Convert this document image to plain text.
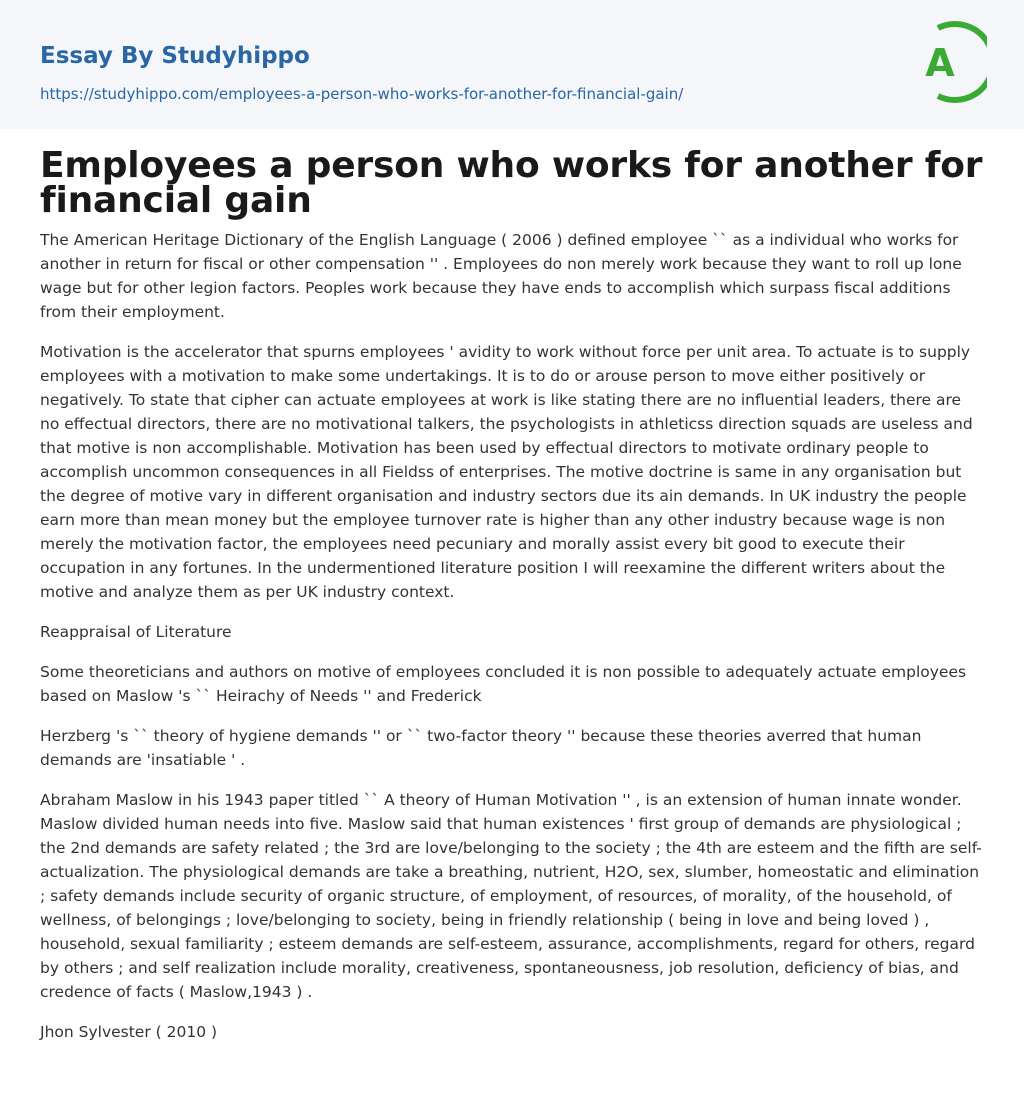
Essay By Studyhippo
https://studyhippo.com/employees-a-person-who-works-for-another-for-financial-gain/
A
Employees a person who works for another for financial gain

The American Heritage Dictionary of the English Language ( 2006 ) defined employee `` as a individual who works for another in return for fiscal or other compensation '' . Employees do non merely work because they want to roll up lone wage but for other legion factors. Peoples work because they have ends to accomplish which surpass fiscal additions from their employment.

Motivation is the accelerator that spurns employees ' avidity to work without force per unit area. To actuate is to supply employees with a motivation to make some undertakings. It is to do or arouse person to move either positively or negatively. To state that cipher can actuate employees at work is like stating there are no influential leaders, there are no effectual directors, there are no motivational talkers, the psychologists in athleticss direction squads are useless and that motive is non accomplishable. Motivation has been used by effectual directors to motivate ordinary people to accomplish uncommon consequences in all Fieldss of enterprises. The motive doctrine is same in any organisation but the degree of motive vary in different organisation and industry sectors due its ain demands. In UK industry the people earn more than mean money but the employee turnover rate is higher than any other industry because wage is non merely the motivation factor, the employees need pecuniary and morally assist every bit good to execute their occupation in any fortunes. In the undermentioned literature position I will reexamine the different writers about the motive and analyze them as per UK industry context.

Reappraisal of Literature

Some theoreticians and authors on motive of employees concluded it is non possible to adequately actuate employees based on Maslow 's `` Heirachy of Needs '' and Frederick

Herzberg 's `` theory of hygiene demands '' or `` two-factor theory '' because these theories averred that human demands are 'insatiable ' .

Abraham Maslow in his 1943 paper titled `` A theory of Human Motivation '' , is an extension of human innate wonder. Maslow divided human needs into five. Maslow said that human existences ' first group of demands are physiological ; the 2nd demands are safety related ; the 3rd are love/belonging to the society ; the 4th are esteem and the fifth are self-actualization. The physiological demands are take a breathing, nutrient, H2O, sex, slumber, homeostatic and elimination ; safety demands include security of organic structure, of employment, of resources, of morality, of the household, of wellness, of belongings ; love/belonging to society, being in friendly relationship ( being in love and being loved ) , household, sexual familiarity ; esteem demands are self-esteem, assurance, accomplishments, regard for others, regard by others ; and self realization include morality, creativeness, spontaneousness, job resolution, deficiency of bias, and credence of facts ( Maslow,1943 ) .

Jhon Sylvester ( 2010 )
